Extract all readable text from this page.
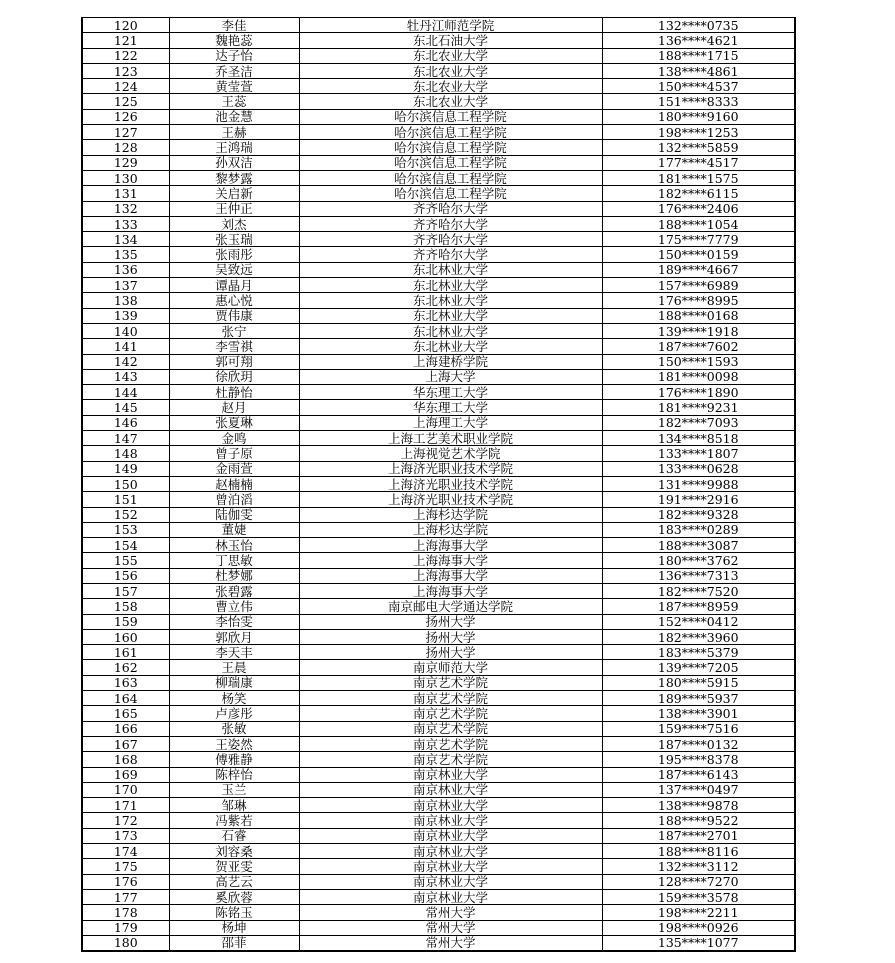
120	李佳	牡丹江师范学院	132****0735
121	魏艳蕊	东北石油大学	136****4621
122	达子怡	东北农业大学	188****1715
123	乔圣洁	东北农业大学	138****4861
124	黄莹萱	东北农业大学	150****4537
125	王蕊	东北农业大学	151****8333
126	池金慧	哈尔滨信息工程学院	180****9160
127	王赫	哈尔滨信息工程学院	198****1253
128	王鸿瑞	哈尔滨信息工程学院	132****5859
129	孙双洁	哈尔滨信息工程学院	177****4517
130	黎梦露	哈尔滨信息工程学院	181****1575
131	关启新	哈尔滨信息工程学院	182****6115
132	王仲正	齐齐哈尔大学	176****2406
133	刘杰	齐齐哈尔大学	188****1054
134	张玉瑞	齐齐哈尔大学	175****7779
135	张雨彤	齐齐哈尔大学	150****0159
136	吴致远	东北林业大学	189****4667
137	谭晶月	东北林业大学	157****6989
138	惠心悦	东北林业大学	176****8995
139	贾伟康	东北林业大学	188****0168
140	张宁	东北林业大学	139****1918
141	李雪祺	东北林业大学	187****7602
142	郭可翔	上海建桥学院	150****1593
143	徐欣玥	上海大学	181****0098
144	杜静怡	华东理工大学	176****1890
145	赵月	华东理工大学	181****9231
146	张夏琳	上海理工大学	182****7093
147	金鸣	上海工艺美术职业学院	134****8518
148	曾子原	上海视觉艺术学院	133****1807
149	金雨萱	上海济光职业技术学院	133****0628
150	赵楠楠	上海济光职业技术学院	131****9988
151	曾泊滔	上海济光职业技术学院	191****2916
152	陆伽雯	上海杉达学院	182****9328
153	董婕	上海杉达学院	183****0289
154	林玉怡	上海海事大学	188****3087
155	丁思敏	上海海事大学	180****3762
156	杜梦娜	上海海事大学	136****7313
157	张碧露	上海海事大学	182****7520
158	曹立伟	南京邮电大学通达学院	187****8959
159	李怡雯	扬州大学	152****0412
160	郭欣月	扬州大学	182****3960
161	李天丰	扬州大学	183****5379
162	王晨	南京师范大学	139****7205
163	柳瑞康	南京艺术学院	180****5915
164	杨笑	南京艺术学院	189****5937
165	卢彦彤	南京艺术学院	138****3901
166	张敏	南京艺术学院	159****7516
167	王姿然	南京艺术学院	187****0132
168	傅雅静	南京艺术学院	195****8378
169	陈梓怡	南京林业大学	187****6143
170	玉兰	南京林业大学	137****0497
171	邹琳	南京林业大学	138****9878
172	冯紫若	南京林业大学	188****9522
173	石睿	南京林业大学	187****2701
174	刘容桑	南京林业大学	188****8116
175	贺亚雯	南京林业大学	132****3112
176	高艺云	南京林业大学	128****7270
177	奚欣蓉	南京林业大学	159****3578
178	陈铭玉	常州大学	198****2211
179	杨坤	常州大学	198****0926
180	邵菲	常州大学	135****1077
